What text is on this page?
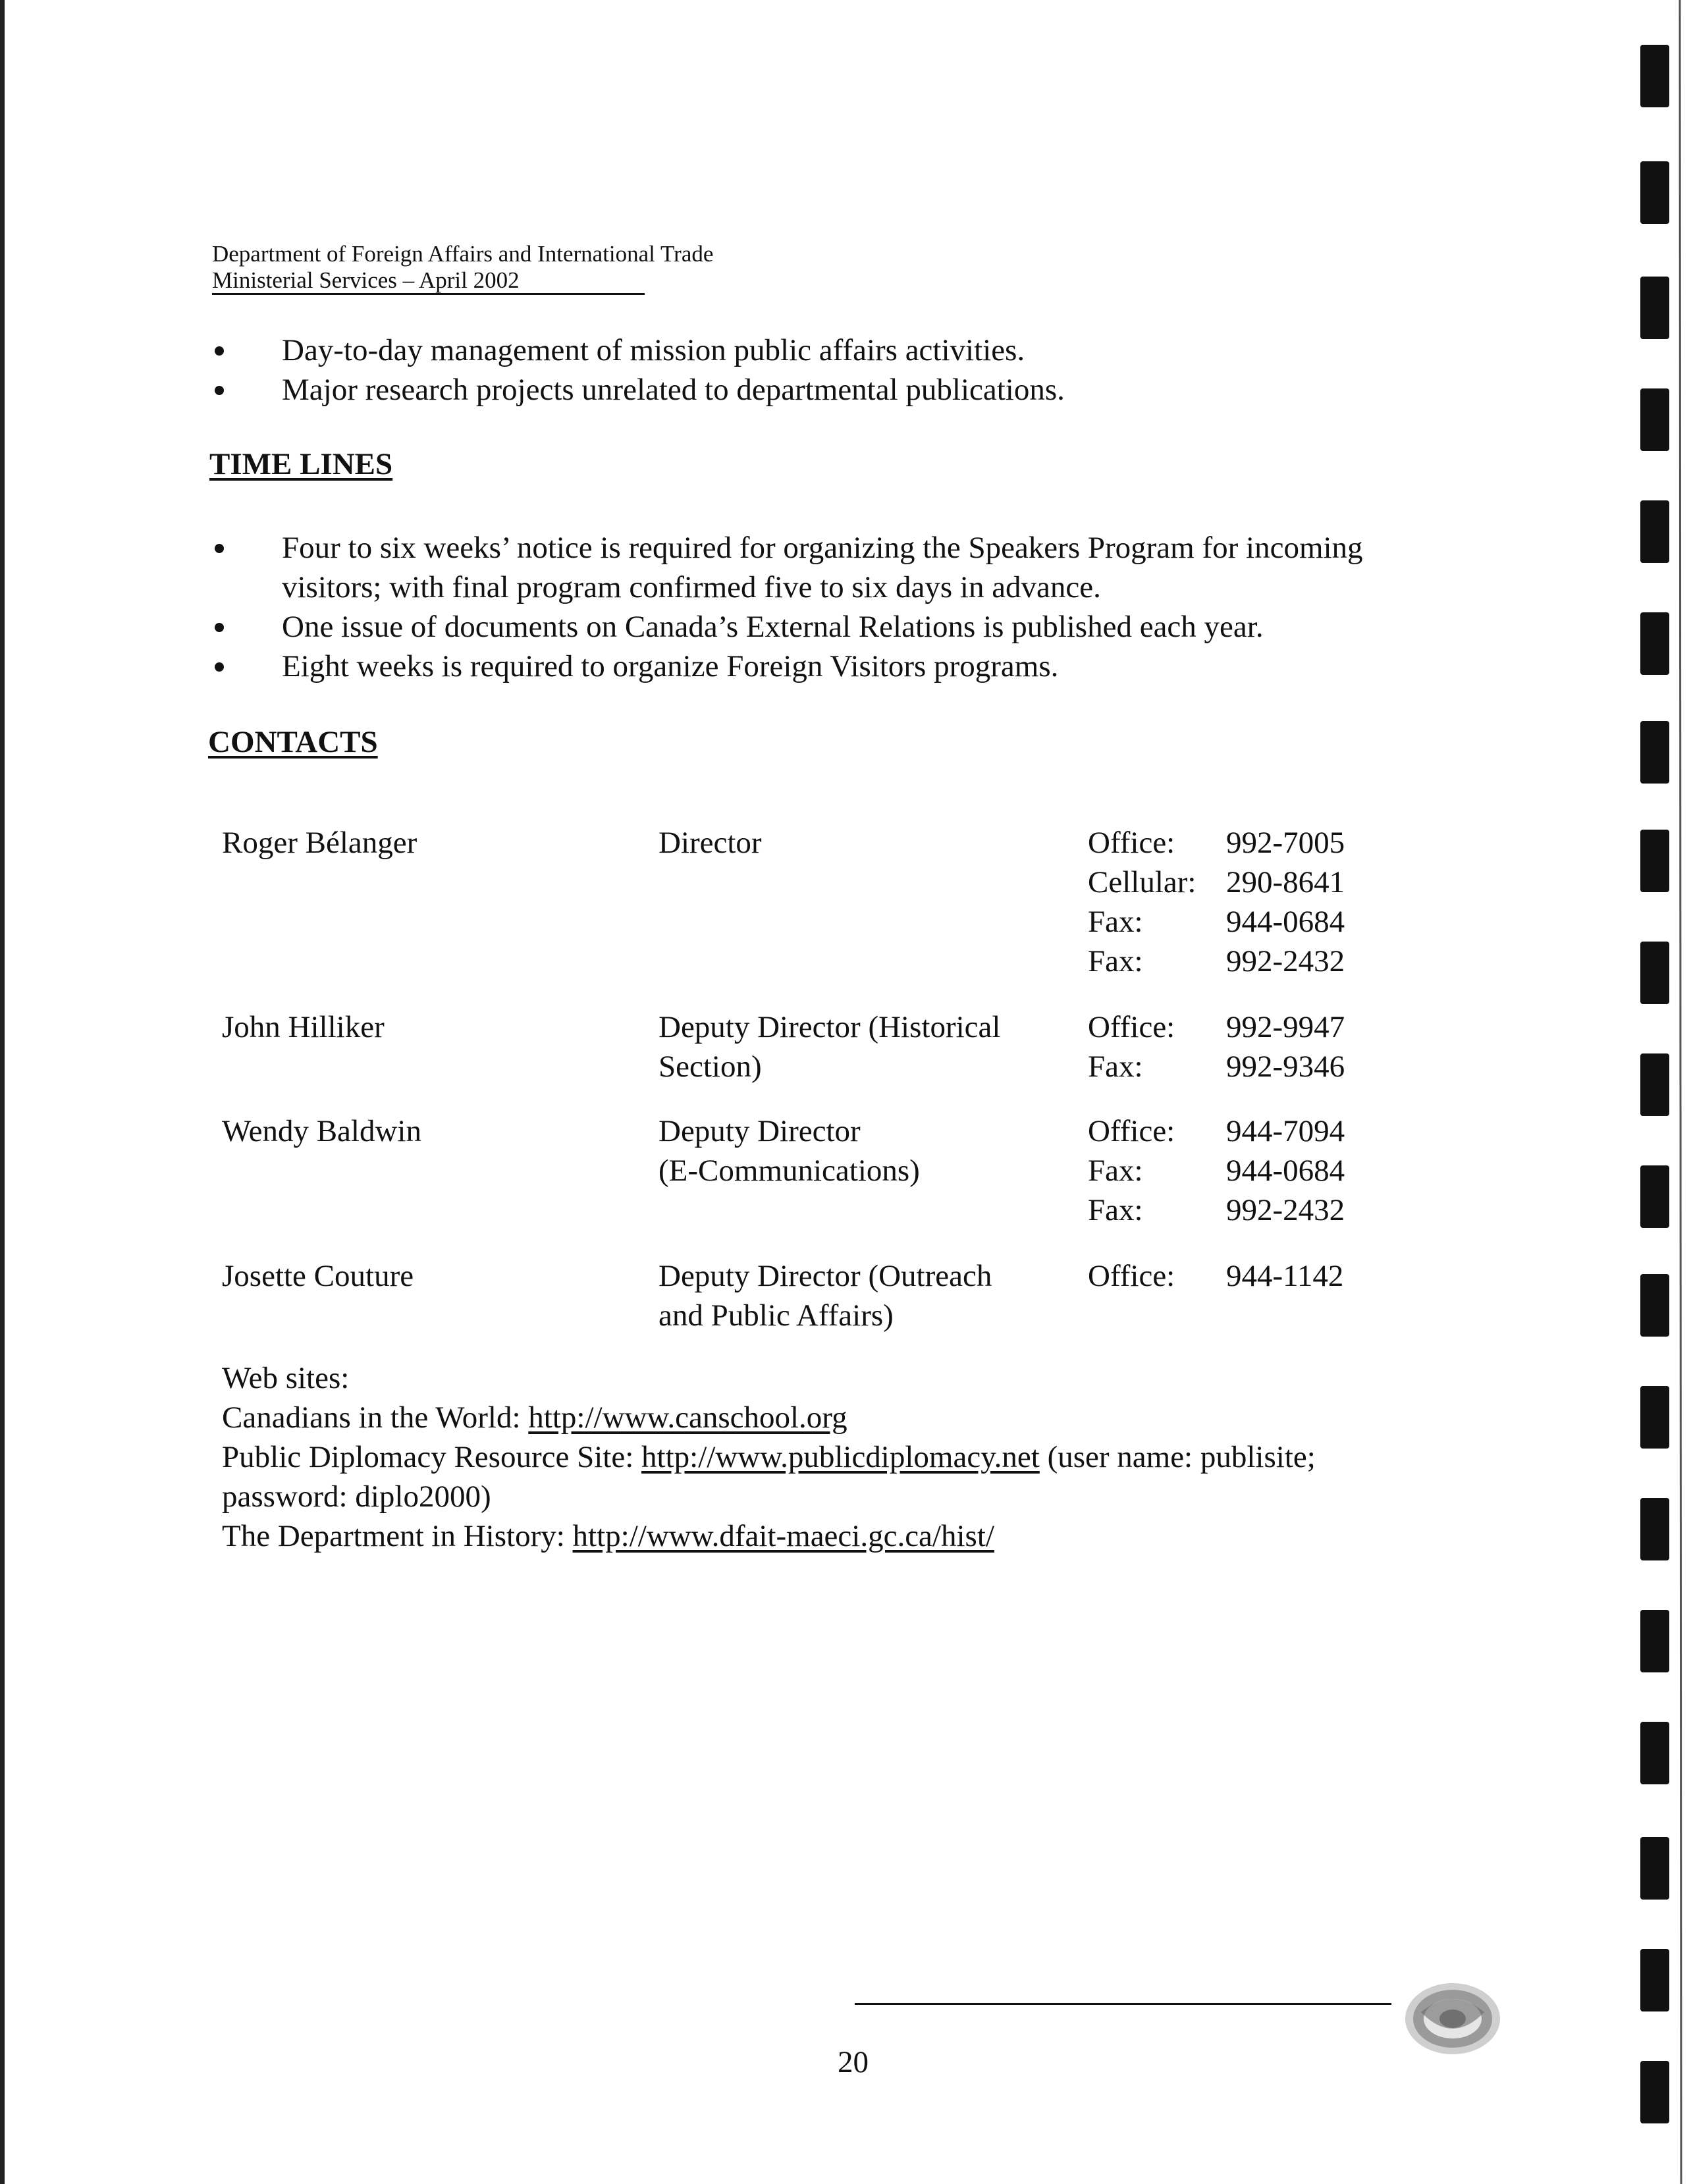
Department of Foreign Affairs and International Trade
Ministerial Services – April 2002
Day-to-day management of mission public affairs activities.
Major research projects unrelated to departmental publications.
TIME LINES
Four to six weeks’ notice is required for organizing the Speakers Program for incoming visitors; with final program confirmed five to six days in advance.
One issue of documents on Canada’s External Relations is published each year.
Eight weeks is required to organize Foreign Visitors programs.
CONTACTS
Roger Bélanger	Director	Office:	992-7005
Cellular: 290-8641
Fax:	944-0684
Fax:	992-2432
John Hilliker	Deputy Director (Historical
Section)
Office:	992-9947
Fax:	992-9346
Wendy Baldwin	Deputy Director
(E-Communications)
Office:	944-7094
Fax:	944-0684
Fax:	992-2432
Josette Couture	Deputy Director (Outreach
and Public Affairs)
Office:	944-1142
Web sites:
Canadians in the World: http://www.canschool.org
Public Diplomacy Resource Site: http://www.publicdiplomacy.net (user name: publisite;
password: diplo2000)
The Department in History: http://www.dfait-maeci.gc.ca/hist/
20
